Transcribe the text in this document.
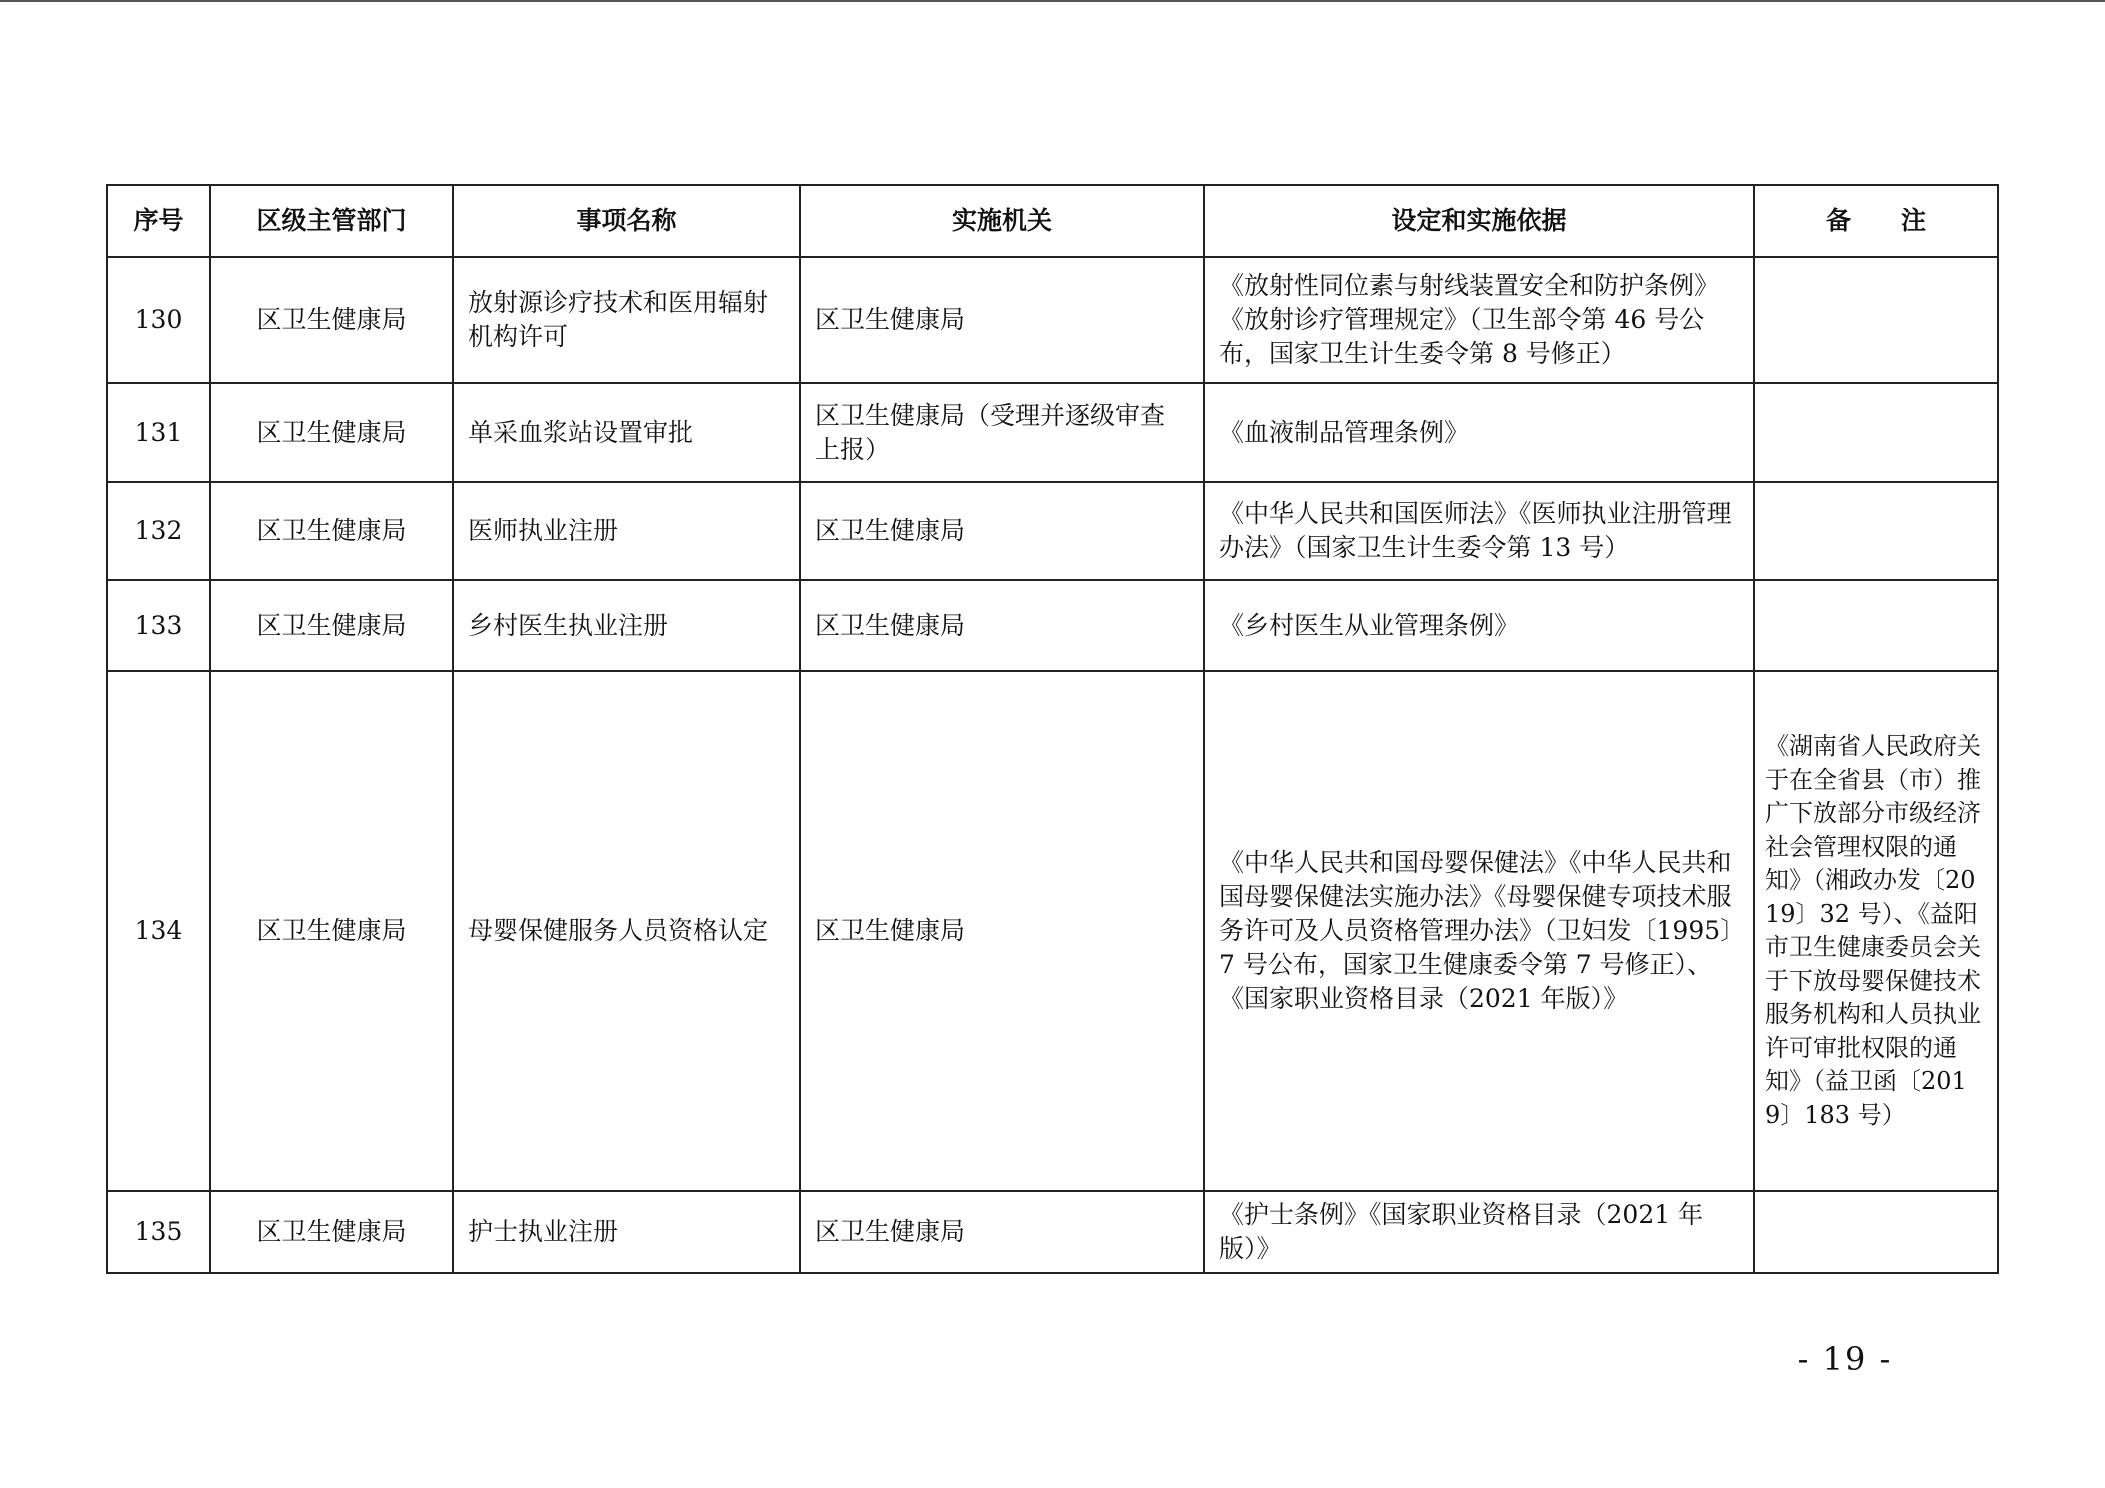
序号	区级主管部门	事项名称	实施机关	设定和实施依据	备　　注
130	区卫生健康局	放射源诊疗技术和医用辐射机构许可	区卫生健康局	《放射性同位素与射线装置安全和防护条例》《放射诊疗管理规定》（卫生部令第 46 号公布，国家卫生计生委令第 8 号修正）	
131	区卫生健康局	单采血浆站设置审批	区卫生健康局（受理并逐级审查上报）	《血液制品管理条例》	
132	区卫生健康局	医师执业注册	区卫生健康局	《中华人民共和国医师法》《医师执业注册管理办法》（国家卫生计生委令第 13 号）	
133	区卫生健康局	乡村医生执业注册	区卫生健康局	《乡村医生从业管理条例》	
134	区卫生健康局	母婴保健服务人员资格认定	区卫生健康局	《中华人民共和国母婴保健法》《中华人民共和国母婴保健法实施办法》《母婴保健专项技术服务许可及人员资格管理办法》（卫妇发〔1995〕7 号公布，国家卫生健康委令第 7 号修正）、《国家职业资格目录（2021 年版）》	《湖南省人民政府关于在全省县（市）推广下放部分市级经济社会管理权限的通知》（湘政办发〔2019〕32 号）、《益阳市卫生健康委员会关于下放母婴保健技术服务机构和人员执业许可审批权限的通知》（益卫函〔2019〕183 号）
135	区卫生健康局	护士执业注册	区卫生健康局	《护士条例》《国家职业资格目录（2021 年版）》	
- 19 -
